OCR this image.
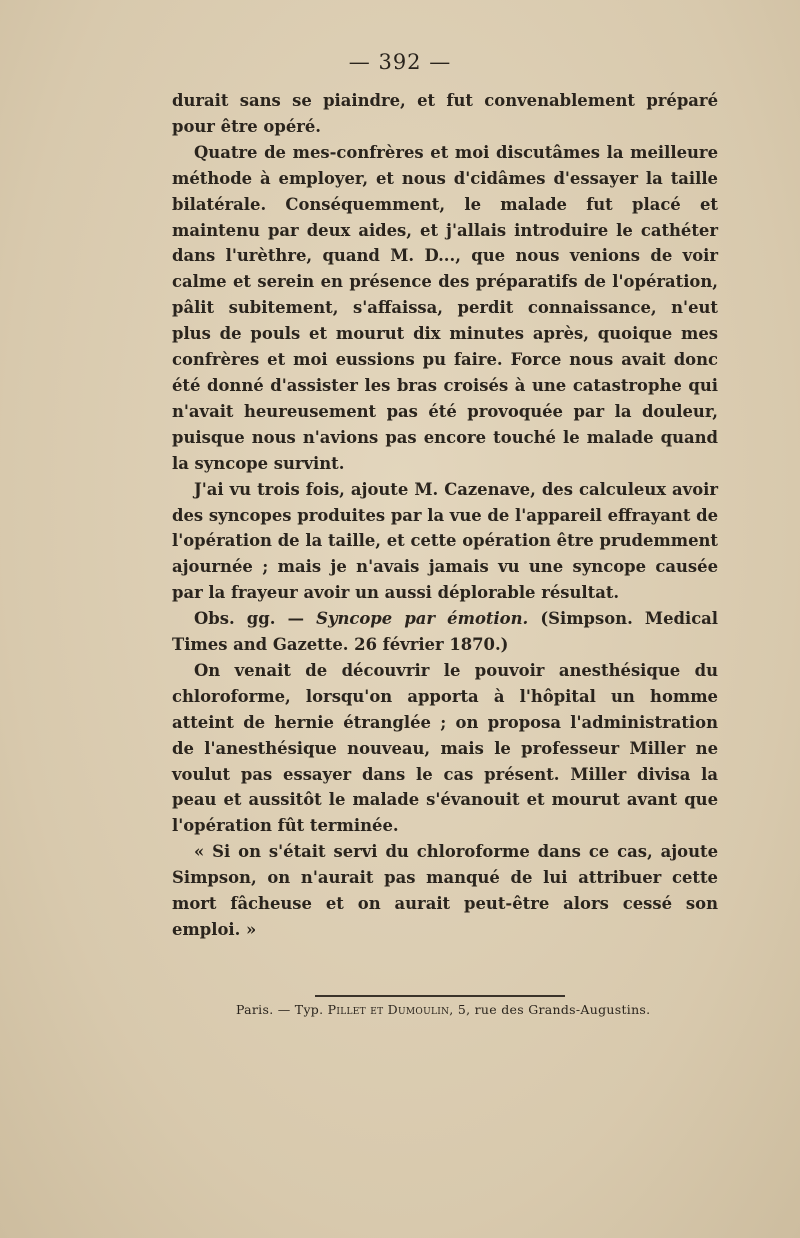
— 392 —

durait sans se piaindre, et fut convenablement préparé pour être opéré.

Quatre de mes-confrères et moi discutâmes la meilleure méthode à employer, et nous d'cidâmes d'essayer la taille bilatérale. Conséquemment, le malade fut placé et maintenu par deux aides, et j'allais introduire le cathéter dans l'urèthre, quand M. D..., que nous venions de voir calme et serein en présence des préparatifs de l'opération, pâlit subitement, s'affaissa, perdit connaissance, n'eut plus de pouls et mourut dix minutes après, quoique mes confrères et moi eussions pu faire. Force nous avait donc été donné d'assister les bras croisés à une catastrophe qui n'avait heureusement pas été provoquée par la douleur, puisque nous n'avions pas encore touché le malade quand la syncope survint.

J'ai vu trois fois, ajoute M. Cazenave, des calculeux avoir des syncopes produites par la vue de l'appareil effrayant de l'opération de la taille, et cette opération être prudemment ajournée ; mais je n'avais jamais vu une syncope causée par la frayeur avoir un aussi déplorable résultat.

Obs. gg. — Syncope par émotion. (Simpson. Medical Times and Gazette. 26 février 1870.)

On venait de découvrir le pouvoir anesthésique du chloroforme, lorsqu'on apporta à l'hôpital un homme atteint de hernie étranglée ; on proposa l'administration de l'anesthésique nouveau, mais le professeur Miller ne voulut pas essayer dans le cas présent. Miller divisa la peau et aussitôt le malade s'évanouit et mourut avant que l'opération fût terminée.

« Si on s'était servi du chloroforme dans ce cas, ajoute Simpson, on n'aurait pas manqué de lui attribuer cette mort fâcheuse et on aurait peut-être alors cessé son emploi. »

Paris. — Typ. Pillet et Dumoulin, 5, rue des Grands-Augustins.
